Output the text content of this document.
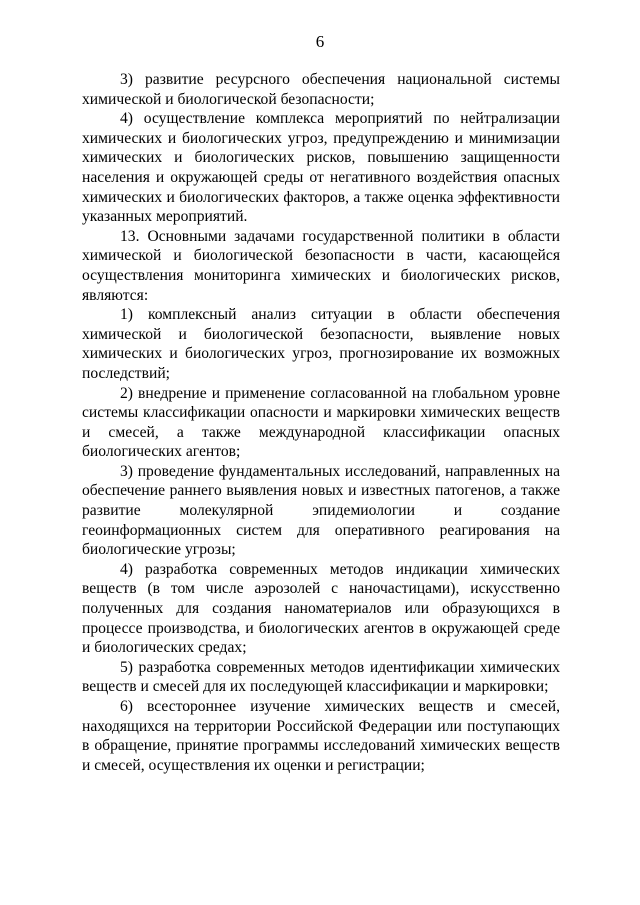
6

3) развитие ресурсного обеспечения национальной системы химической и биологической безопасности;

4) осуществление комплекса мероприятий по нейтрализации химических и биологических угроз, предупреждению и минимизации химических и биологических рисков, повышению защищенности населения и окружающей среды от негативного воздействия опасных химических и биологических факторов, а также оценка эффективности указанных мероприятий.

13. Основными задачами государственной политики в области химической и биологической безопасности в части, касающейся осуществления мониторинга химических и биологических рисков, являются:

1) комплексный анализ ситуации в области обеспечения химической и биологической безопасности, выявление новых химических и биологических угроз, прогнозирование их возможных последствий;

2) внедрение и применение согласованной на глобальном уровне системы классификации опасности и маркировки химических веществ и смесей, а также международной классификации опасных биологических агентов;

3) проведение фундаментальных исследований, направленных на обеспечение раннего выявления новых и известных патогенов, а также развитие молекулярной эпидемиологии и создание геоинформационных систем для оперативного реагирования на биологические угрозы;

4) разработка современных методов индикации химических веществ (в том числе аэрозолей с наночастицами), искусственно полученных для создания наноматериалов или образующихся в процессе производства, и биологических агентов в окружающей среде и биологических средах;

5) разработка современных методов идентификации химических веществ и смесей для их последующей классификации и маркировки;

6) всестороннее изучение химических веществ и смесей, находящихся на территории Российской Федерации или поступающих в обращение, принятие программы исследований химических веществ и смесей, осуществления их оценки и регистрации;
